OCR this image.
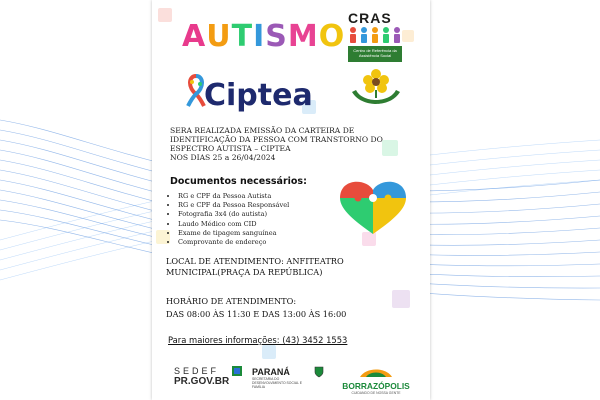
AUTISMO
Ciptea
CRAS
Centro de Referência da Assistência Social
SERA REALIZADA EMISSÃO DA CARTEIRA DE
IDENTIFICAÇÃO DA PESSOA COM TRANSTORNO DO
ESPECTRO AUTISTA – CIPTEA
NOS DIAS 25 a 26/04/2024
Documentos necessários:
• RG e CPF da Pessoa Autista
• RG e CPF da Pessoa Responsável
• Fotografia 3x4 (do autista)
• Laudo Médico com CID
• Exame de tipagem sanguínea
• Comprovante de endereço
LOCAL DE ATENDIMENTO: ANFITEATRO
MUNICIPAL(PRAÇA DA REPÚBLICA)
HORÁRIO DE ATENDIMENTO:
DAS 08:00 ÀS 11:30 E DAS 13:00 ÀS 16:00
Para maiores informações: (43) 3452 1553
SEDEF
PR.GOV.BR
PARANÁ
SECRETARIA DO DESENVOLVIMENTO SOCIAL E FAMÍLIA	BORRAZÓPOLIS
CUIDANDO DE NOSSA GENTE
